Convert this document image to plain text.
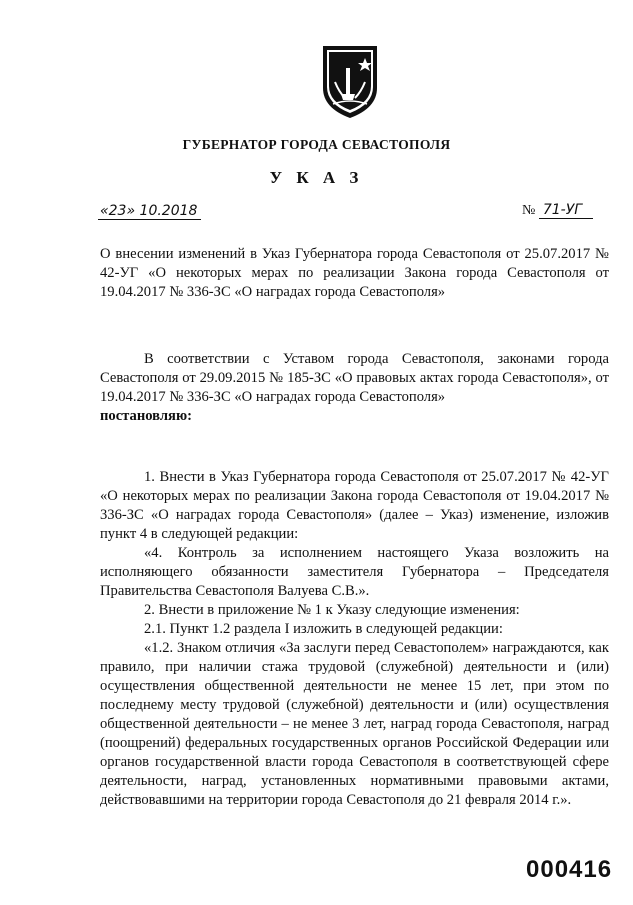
ГУБЕРНАТОР ГОРОДА СЕВАСТОПОЛЯ
У К А З
«23» 10.2018	№ 71-УГ

О внесении изменений в Указ Губернатора города Севастополя от 25.07.2017 № 42-УГ «О некоторых мерах по реализации Закона города Севастополя от 19.04.2017 № 336-ЗС «О наградах города Севастополя»

В соответствии с Уставом города Севастополя, законами города Севастополя от 29.09.2015 № 185-ЗС «О правовых актах города Севастополя», от 19.04.2017 № 336-ЗС «О наградах города Севастополя»
постановляю:

1. Внести в Указ Губернатора города Севастополя от 25.07.2017 № 42-УГ «О некоторых мерах по реализации Закона города Севастополя от 19.04.2017 № 336-ЗС «О наградах города Севастополя» (далее – Указ) изменение, изложив пункт 4 в следующей редакции:

«4. Контроль за исполнением настоящего Указа возложить на исполняющего обязанности заместителя Губернатора – Председателя Правительства Севастополя Валуева С.В.».

2. Внести в приложение № 1 к Указу следующие изменения:

2.1. Пункт 1.2 раздела I изложить в следующей редакции:

«1.2. Знаком отличия «За заслуги перед Севастополем» награждаются, как правило, при наличии стажа трудовой (служебной) деятельности и (или) осуществления общественной деятельности не менее 15 лет, при этом по последнему месту трудовой (служебной) деятельности и (или) осуществления общественной деятельности – не менее 3 лет, наград города Севастополя, наград (поощрений) федеральных государственных органов Российской Федерации или органов государственной власти города Севастополя в соответствующей сфере деятельности, наград, установленных нормативными правовыми актами, действовавшими на территории города Севастополя до 21 февраля 2014 г.».

000416
